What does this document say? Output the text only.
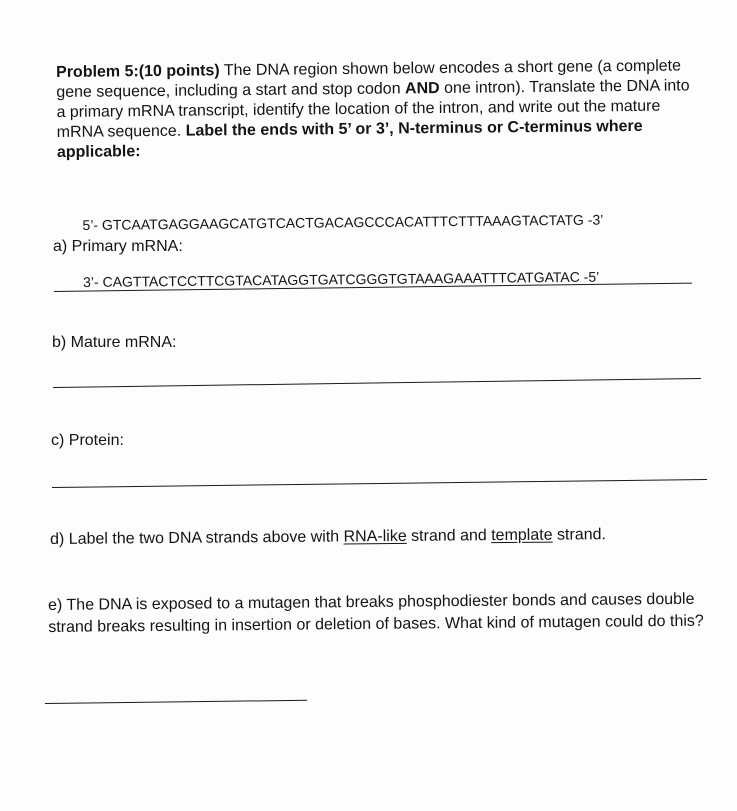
Problem 5:(10 points) The DNA region shown below encodes a short gene (a complete gene sequence, including a start and stop codon AND one intron). Translate the DNA into a primary mRNA transcript, identify the location of the intron, and write out the mature mRNA sequence. Label the ends with 5’ or 3’, N-terminus or C-terminus where applicable:

5’- GTCAATGAGGAAGCATGTCACTGACAGCCCACATTTCTTTAAAGTACTATG -3’

3’- CAGTTACTCCTTCGTACATAGGTGATCGGGTGTAAAGAAATTTCATGATAC -5’

a) Primary mRNA:
b) Mature mRNA:
c) Protein:
d) Label the two DNA strands above with RNA-like strand and template strand.
e) The DNA is exposed to a mutagen that breaks phosphodiester bonds and causes double strand breaks resulting in insertion or deletion of bases. What kind of mutagen could do this?
